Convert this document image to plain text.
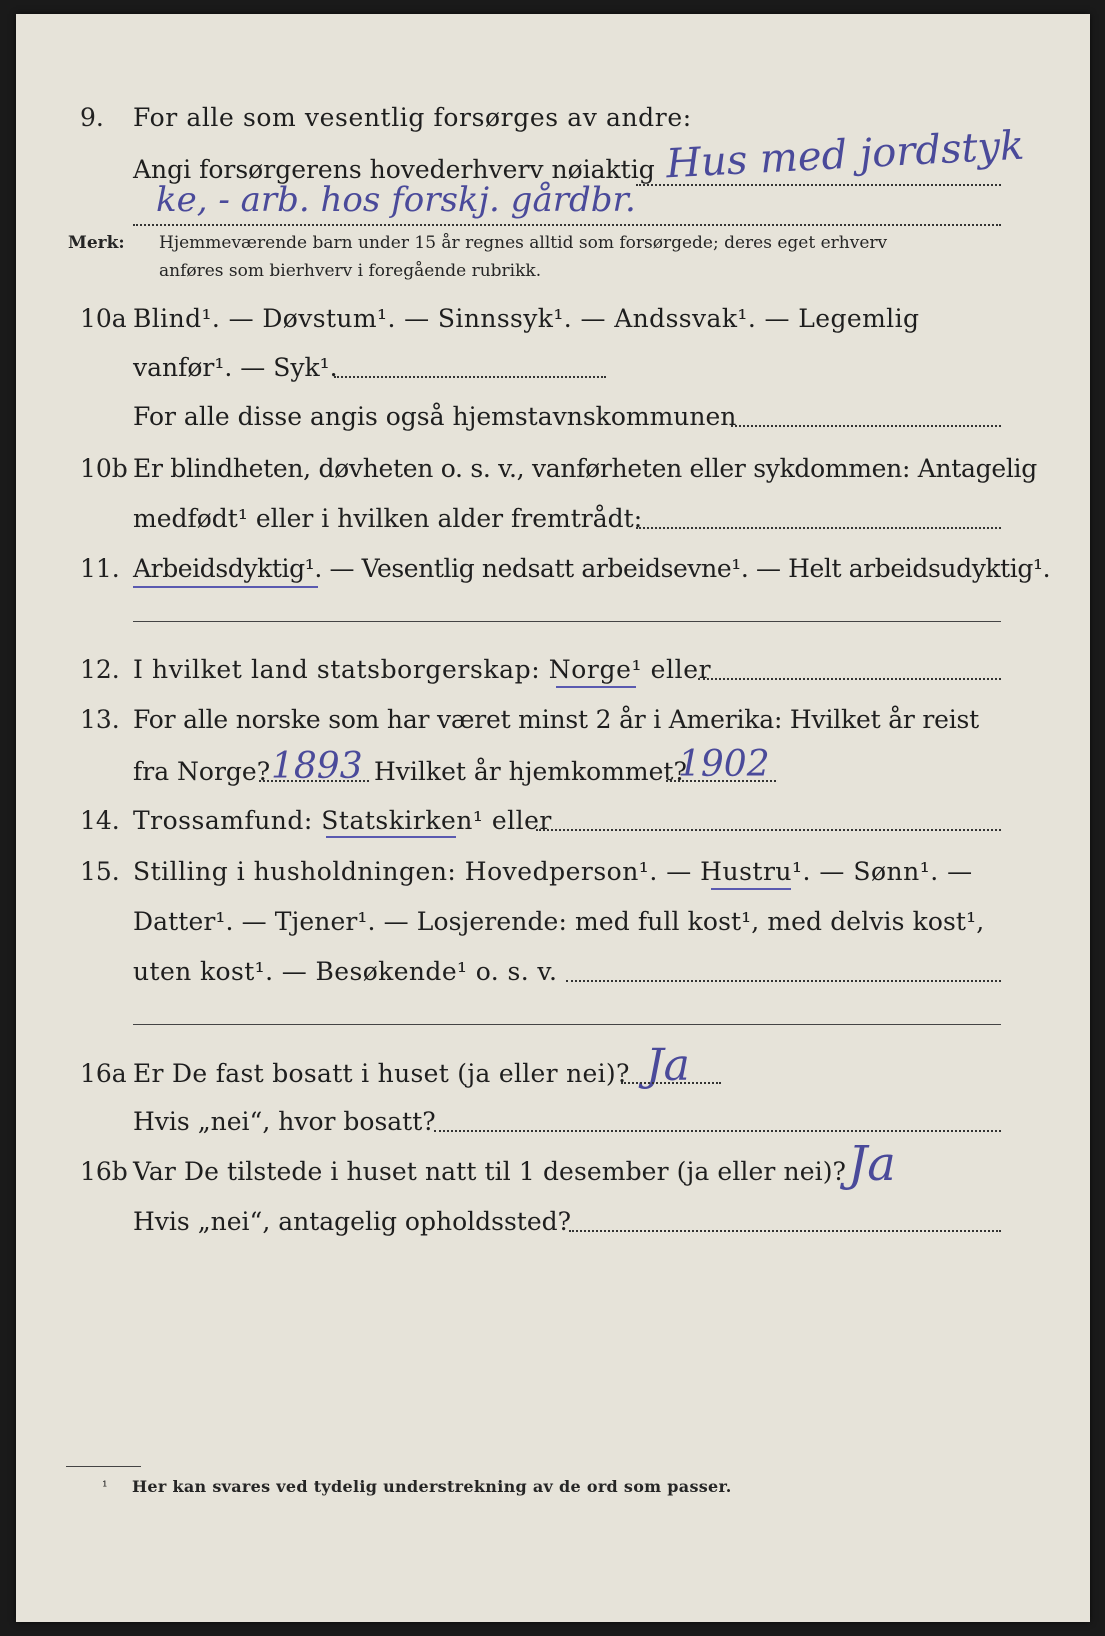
9. For alle som vesentlig forsørges av andre:
Angi forsørgerens hovederhverv nøiaktig Hus med jordstyk
ke, - arb. hos forskj. gårdbr.
Merk: Hjemmeværende barn under 15 år regnes alltid som forsørgede; deres eget erhverv
anføres som bierhverv i foregående rubrikk.
10a Blind¹. — Døvstum¹. — Sinnssyk¹. — Andssvak¹. — Legemlig
vanfør¹. — Syk¹.
For alle disse angis også hjemstavnskommunen
10b Er blindheten, døvheten o. s. v., vanførheten eller sykdommen: Antagelig
medfødt¹ eller i hvilken alder fremtrådt:
11. Arbeidsdyktig¹. — Vesentlig nedsatt arbeidsevne¹. — Helt arbeidsudyktig¹.
12. I hvilket land statsborgerskap: Norge¹ eller
13. For alle norske som har været minst 2 år i Amerika: Hvilket år reist
fra Norge? 1893 Hvilket år hjemkommet?
1902
14. Trossamfund: Statskirken¹ eller
15. Stilling i husholdningen: Hovedperson¹. — Hustru¹. — Sønn¹. —
Datter¹. — Tjener¹. — Losjerende: med full kost¹, med delvis kost¹,
uten kost¹. — Besøkende¹ o. s. v.
16a Er De fast bosatt i huset (ja eller nei)? Ja
Hvis „nei“, hvor bosatt?
16b Var De tilstede i huset natt til 1 desember (ja eller nei)? Ja
Hvis „nei“, antagelig opholdssted?
¹ Her kan svares ved tydelig understrekning av de ord som passer.
